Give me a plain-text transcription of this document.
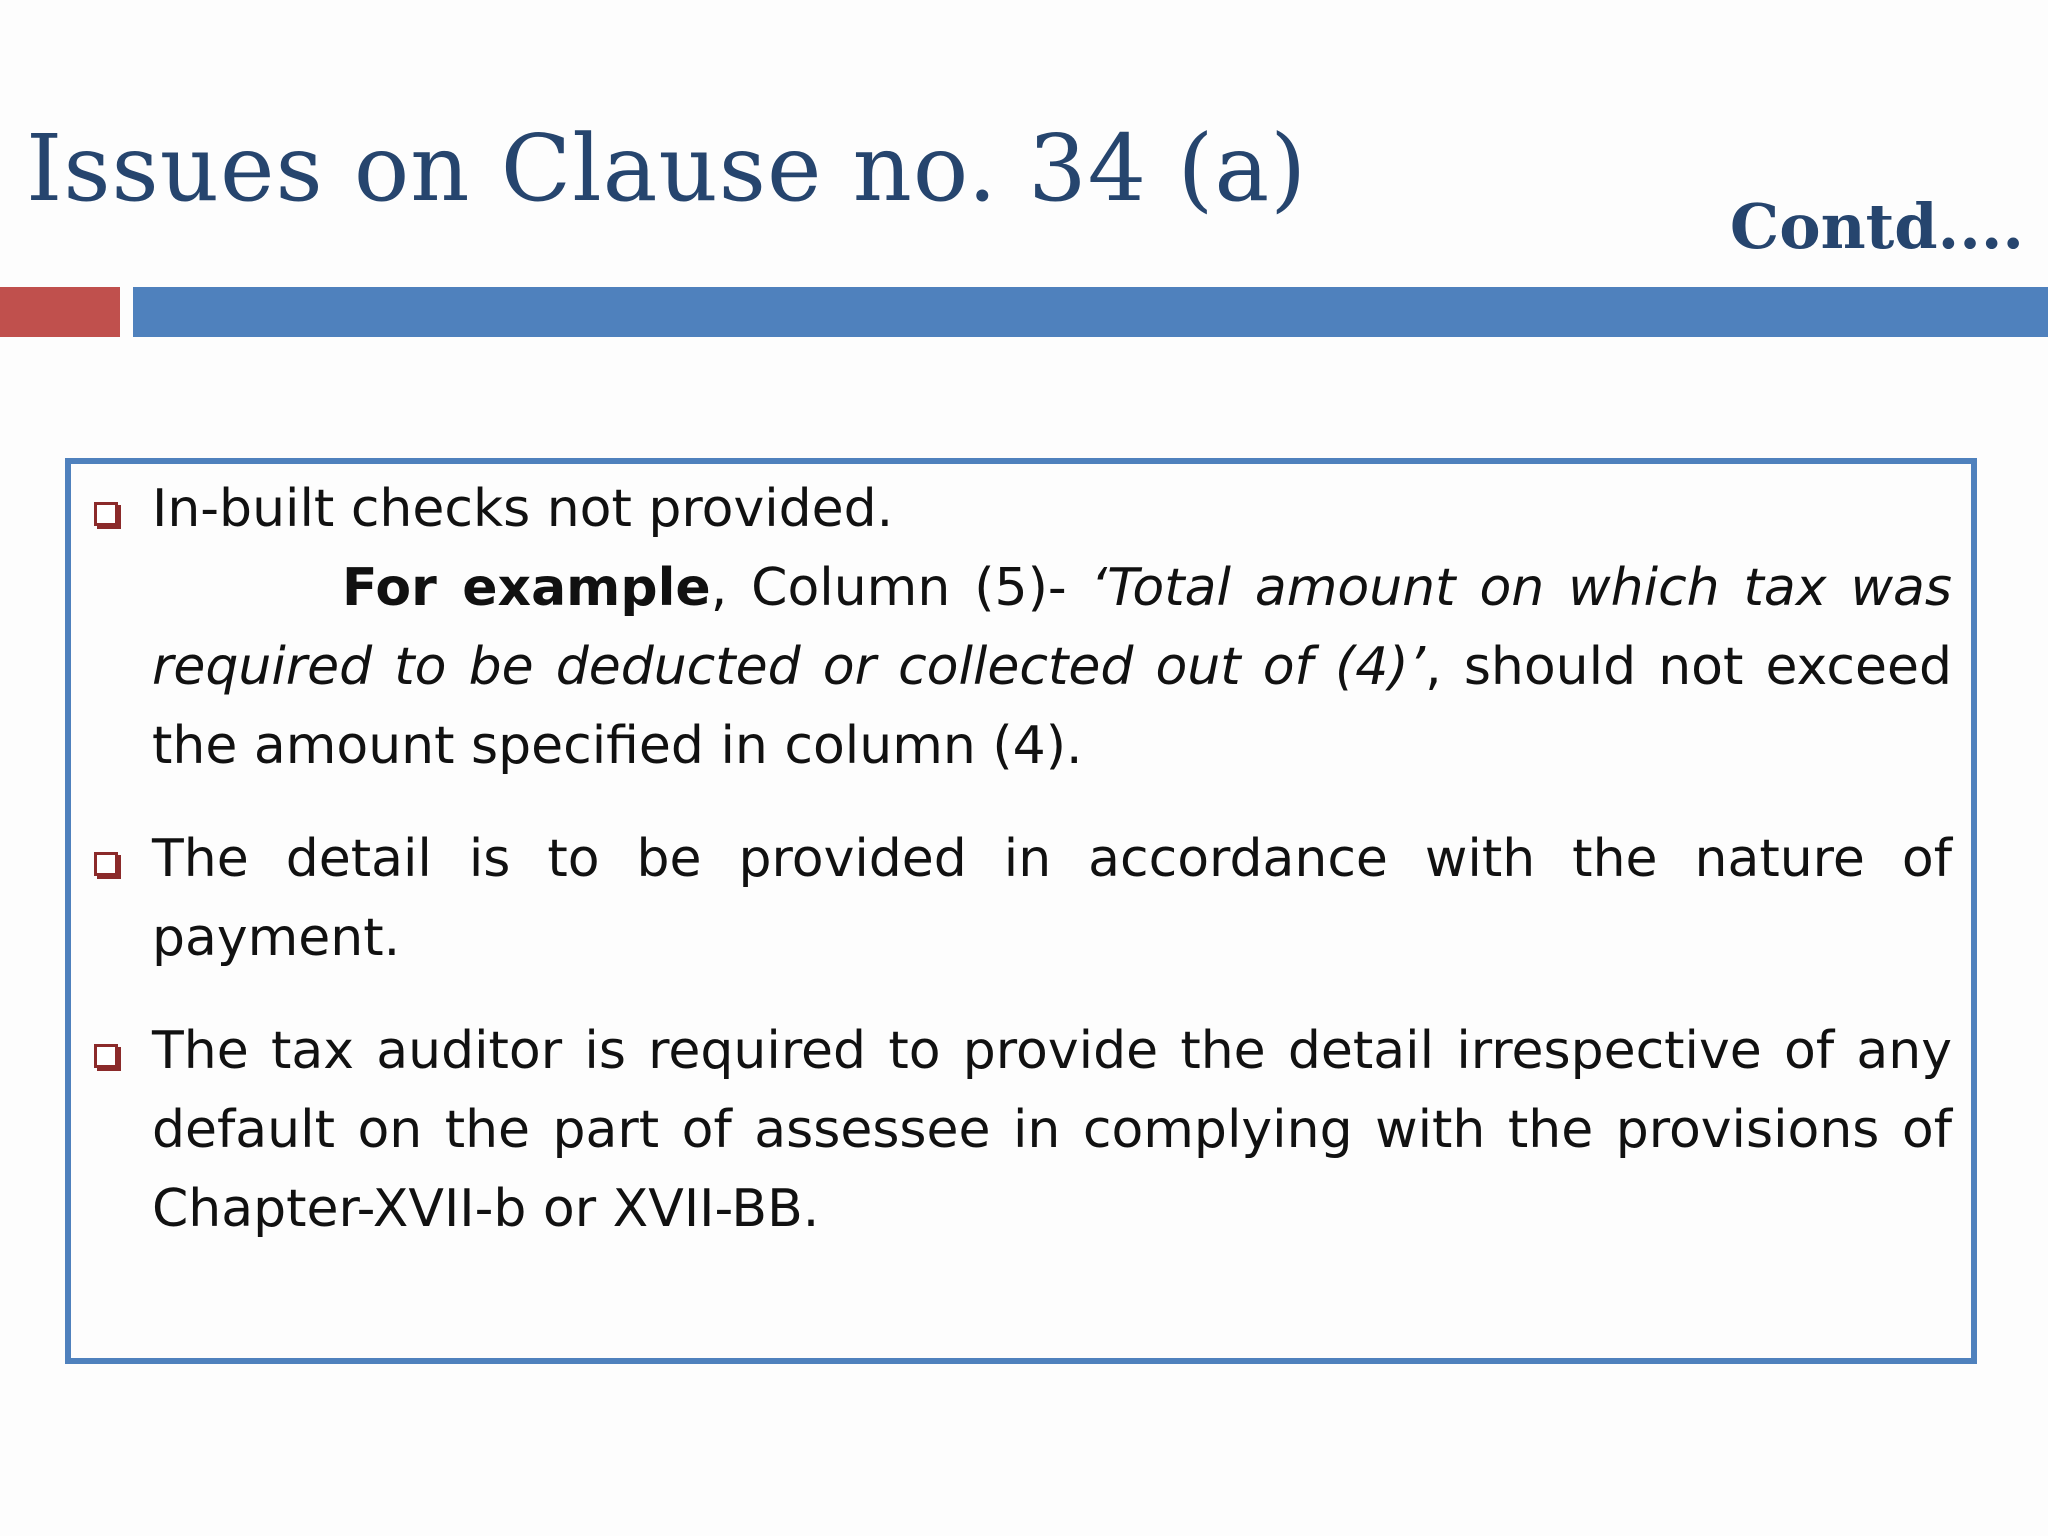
Issues on Clause no. 34 (a)
Contd....
In-built checks not provided.
For example, Column (5)- ‘Total amount on which tax was required to be deducted or collected out of (4)’, should not exceed the amount specified in column (4).
The detail is to be provided in accordance with the nature of payment.
The tax auditor is required to provide the detail irrespective of any default on the part of assessee in complying with the provisions of Chapter-XVII-b or XVII-BB.
